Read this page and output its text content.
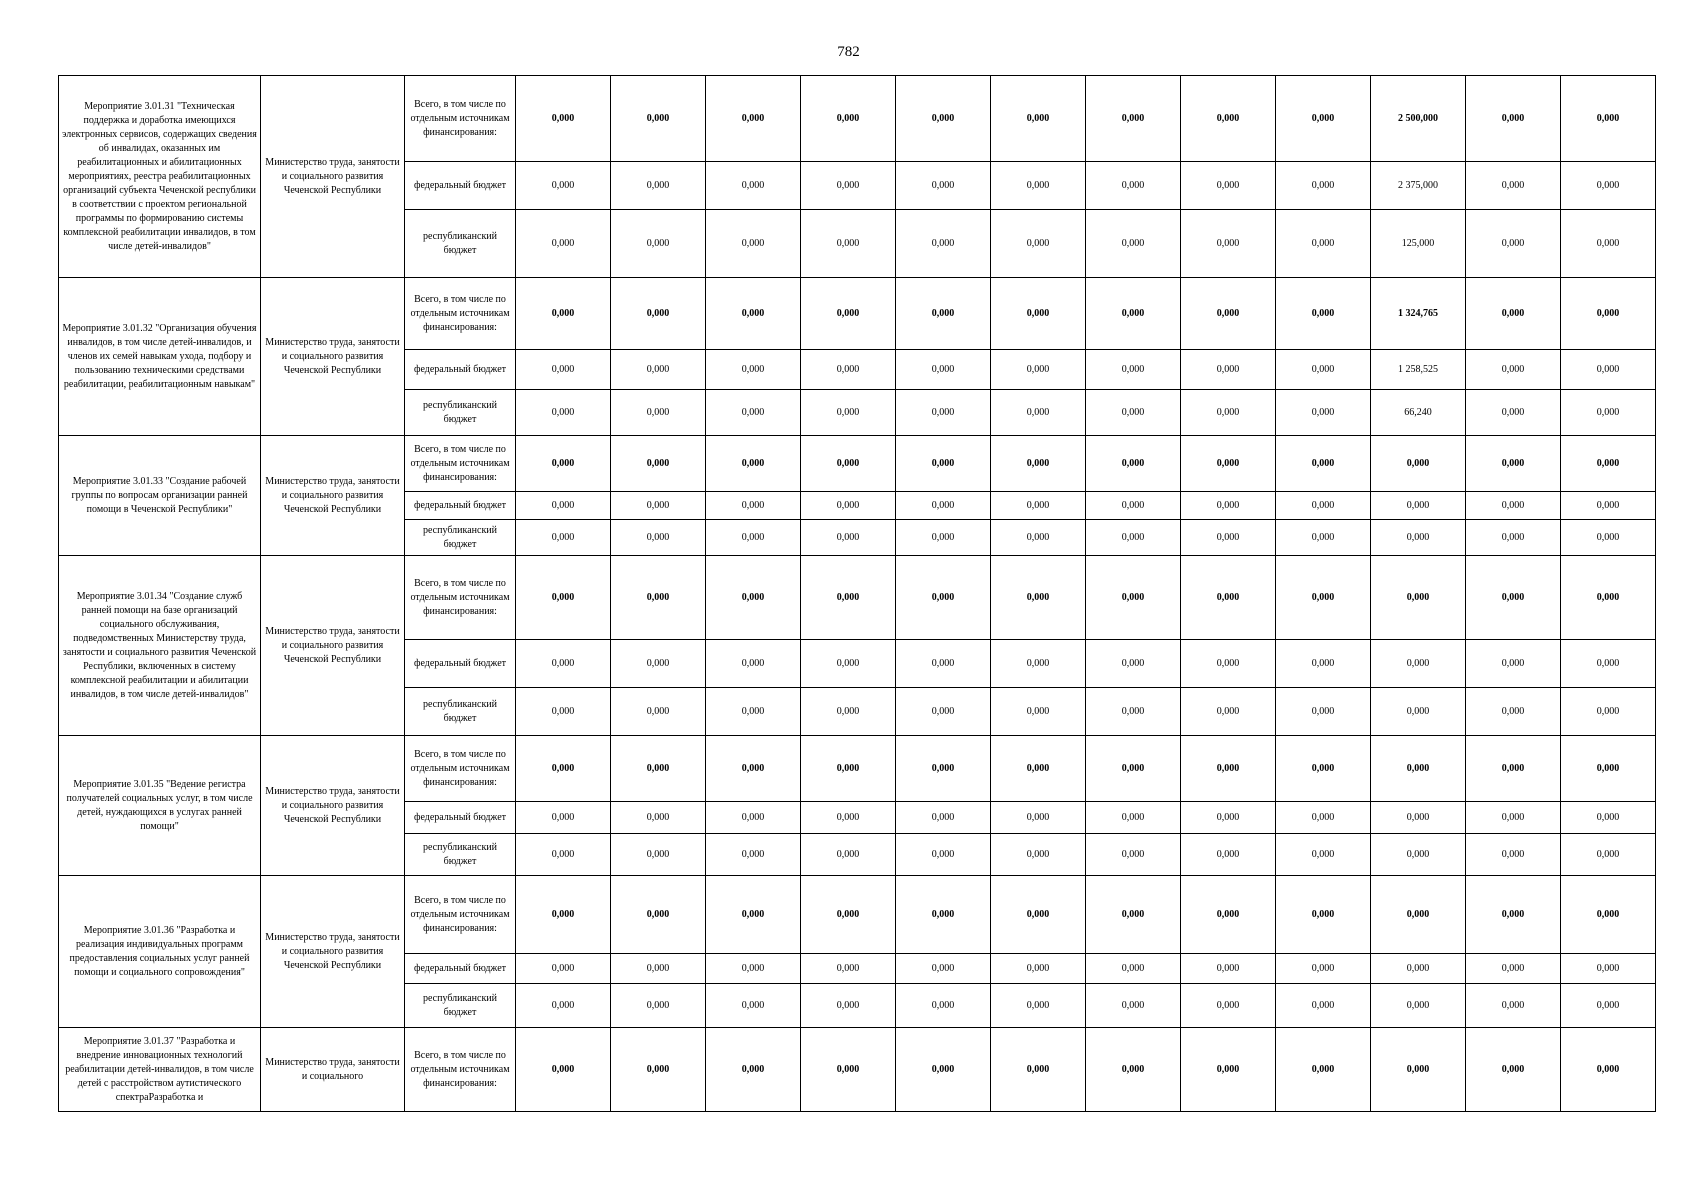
782
Мероприятие 3.01.31 "Техническая поддержка и доработка имеющихся электронных сервисов, содержащих сведения об инвалидах, оказанных им реабилитационных и абилитационных мероприятиях, реестра реабилитационных организаций субъекта Чеченской республики в соответствии с проектом региональной программы по формированию системы комплексной реабилитации инвалидов, в том числе детей-инвалидов"	Министерство труда, занятости и социального развития Чеченской Республики	Всего, в том числе по отдельным источникам финансирования:	0,000	0,000	0,000	0,000	0,000	0,000	0,000	0,000	0,000	2 500,000	0,000	0,000
		федеральный бюджет	0,000	0,000	0,000	0,000	0,000	0,000	0,000	0,000	0,000	2 375,000	0,000	0,000
		республиканский бюджет	0,000	0,000	0,000	0,000	0,000	0,000	0,000	0,000	0,000	125,000	0,000	0,000
Мероприятие 3.01.32 "Организация обучения инвалидов, в том числе детей-инвалидов, и членов их семей навыкам ухода, подбору и пользованию техническими средствами реабилитации, реабилитационным навыкам"	Министерство труда, занятости и социального развития Чеченской Республики	Всего, в том числе по отдельным источникам финансирования:	0,000	0,000	0,000	0,000	0,000	0,000	0,000	0,000	0,000	1 324,765	0,000	0,000
		федеральный бюджет	0,000	0,000	0,000	0,000	0,000	0,000	0,000	0,000	0,000	1 258,525	0,000	0,000
		республиканский бюджет	0,000	0,000	0,000	0,000	0,000	0,000	0,000	0,000	0,000	66,240	0,000	0,000
Мероприятие 3.01.33 "Создание рабочей группы по вопросам организации ранней помощи в Чеченской Республики"	Министерство труда, занятости и социального развития Чеченской Республики	Всего, в том числе по отдельным источникам финансирования:	0,000	0,000	0,000	0,000	0,000	0,000	0,000	0,000	0,000	0,000	0,000	0,000
		федеральный бюджет	0,000	0,000	0,000	0,000	0,000	0,000	0,000	0,000	0,000	0,000	0,000	0,000
		республиканский бюджет	0,000	0,000	0,000	0,000	0,000	0,000	0,000	0,000	0,000	0,000	0,000	0,000
Мероприятие 3.01.34 "Создание служб ранней помощи на базе организаций социального обслуживания, подведомственных Министерству труда, занятости и социального развития Чеченской Республики, включенных в систему комплексной реабилитации и абилитации инвалидов, в том числе детей-инвалидов"	Министерство труда, занятости и социального развития Чеченской Республики	Всего, в том числе по отдельным источникам финансирования:	0,000	0,000	0,000	0,000	0,000	0,000	0,000	0,000	0,000	0,000	0,000	0,000
		федеральный бюджет	0,000	0,000	0,000	0,000	0,000	0,000	0,000	0,000	0,000	0,000	0,000	0,000
		республиканский бюджет	0,000	0,000	0,000	0,000	0,000	0,000	0,000	0,000	0,000	0,000	0,000	0,000
Мероприятие 3.01.35 "Ведение регистра получателей социальных услуг, в том числе детей, нуждающихся в услугах ранней помощи"	Министерство труда, занятости и социального развития Чеченской Республики	Всего, в том числе по отдельным источникам финансирования:	0,000	0,000	0,000	0,000	0,000	0,000	0,000	0,000	0,000	0,000	0,000	0,000
		федеральный бюджет	0,000	0,000	0,000	0,000	0,000	0,000	0,000	0,000	0,000	0,000	0,000	0,000
		республиканский бюджет	0,000	0,000	0,000	0,000	0,000	0,000	0,000	0,000	0,000	0,000	0,000	0,000
Мероприятие 3.01.36 "Разработка и реализация индивидуальных программ предоставления социальных услуг ранней помощи и социального сопровождения"	Министерство труда, занятости и социального развития Чеченской Республики	Всего, в том числе по отдельным источникам финансирования:	0,000	0,000	0,000	0,000	0,000	0,000	0,000	0,000	0,000	0,000	0,000	0,000
		федеральный бюджет	0,000	0,000	0,000	0,000	0,000	0,000	0,000	0,000	0,000	0,000	0,000	0,000
		республиканский бюджет	0,000	0,000	0,000	0,000	0,000	0,000	0,000	0,000	0,000	0,000	0,000	0,000
Мероприятие 3.01.37 "Разработка и внедрение инновационных технологий реабилитации детей-инвалидов, в том числе детей с расстройством аутистического спектраРазработка и	Министерство труда, занятости и социального	Всего, в том числе по отдельным источникам финансирования:	0,000	0,000	0,000	0,000	0,000	0,000	0,000	0,000	0,000	0,000	0,000	0,000
